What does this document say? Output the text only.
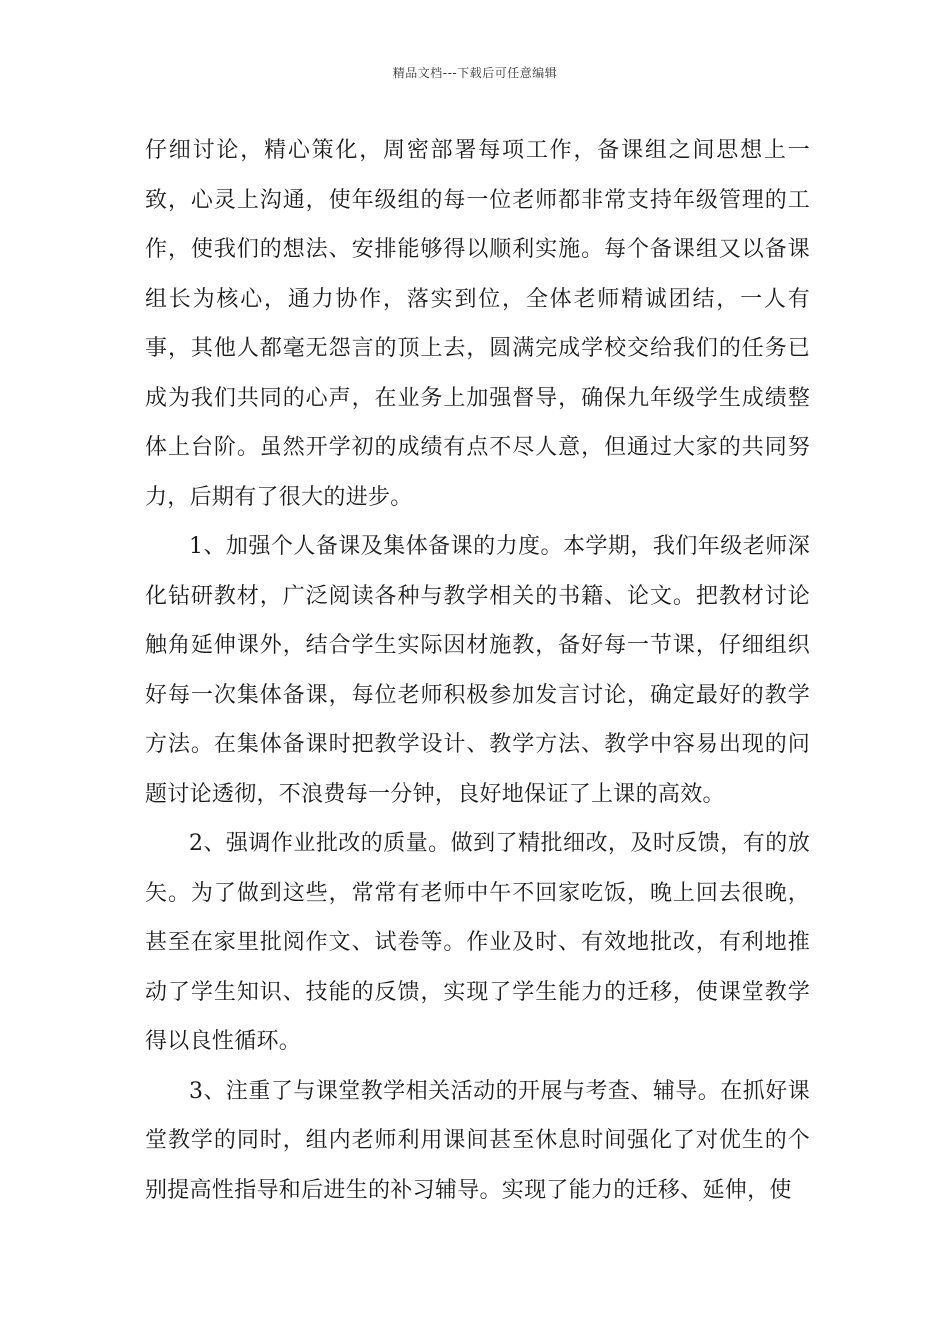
精品文档---下载后可任意编辑

仔细讨论，精心策化，周密部署每项工作，备课组之间思想上一致，心灵上沟通，使年级组的每一位老师都非常支持年级管理的工作，使我们的想法、安排能够得以顺利实施。每个备课组又以备课组长为核心，通力协作，落实到位，全体老师精诚团结，一人有事，其他人都毫无怨言的顶上去，圆满完成学校交给我们的任务已成为我们共同的心声，在业务上加强督导，确保九年级学生成绩整体上台阶。虽然开学初的成绩有点不尽人意，但通过大家的共同努力，后期有了很大的进步。

1、加强个人备课及集体备课的力度。本学期，我们年级老师深化钻研教材，广泛阅读各种与教学相关的书籍、论文。把教材讨论触角延伸课外，结合学生实际因材施教，备好每一节课，仔细组织好每一次集体备课，每位老师积极参加发言讨论，确定最好的教学方法。在集体备课时把教学设计、教学方法、教学中容易出现的问题讨论透彻，不浪费每一分钟，良好地保证了上课的高效。

2、强调作业批改的质量。做到了精批细改，及时反馈，有的放矢。为了做到这些，常常有老师中午不回家吃饭，晚上回去很晚，甚至在家里批阅作文、试卷等。作业及时、有效地批改，有利地推动了学生知识、技能的反馈，实现了学生能力的迁移，使课堂教学得以良性循环。

3、注重了与课堂教学相关活动的开展与考查、辅导。在抓好课堂教学的同时，组内老师利用课间甚至休息时间强化了对优生的个别提高性指导和后进生的补习辅导。实现了能力的迁移、延伸，使
